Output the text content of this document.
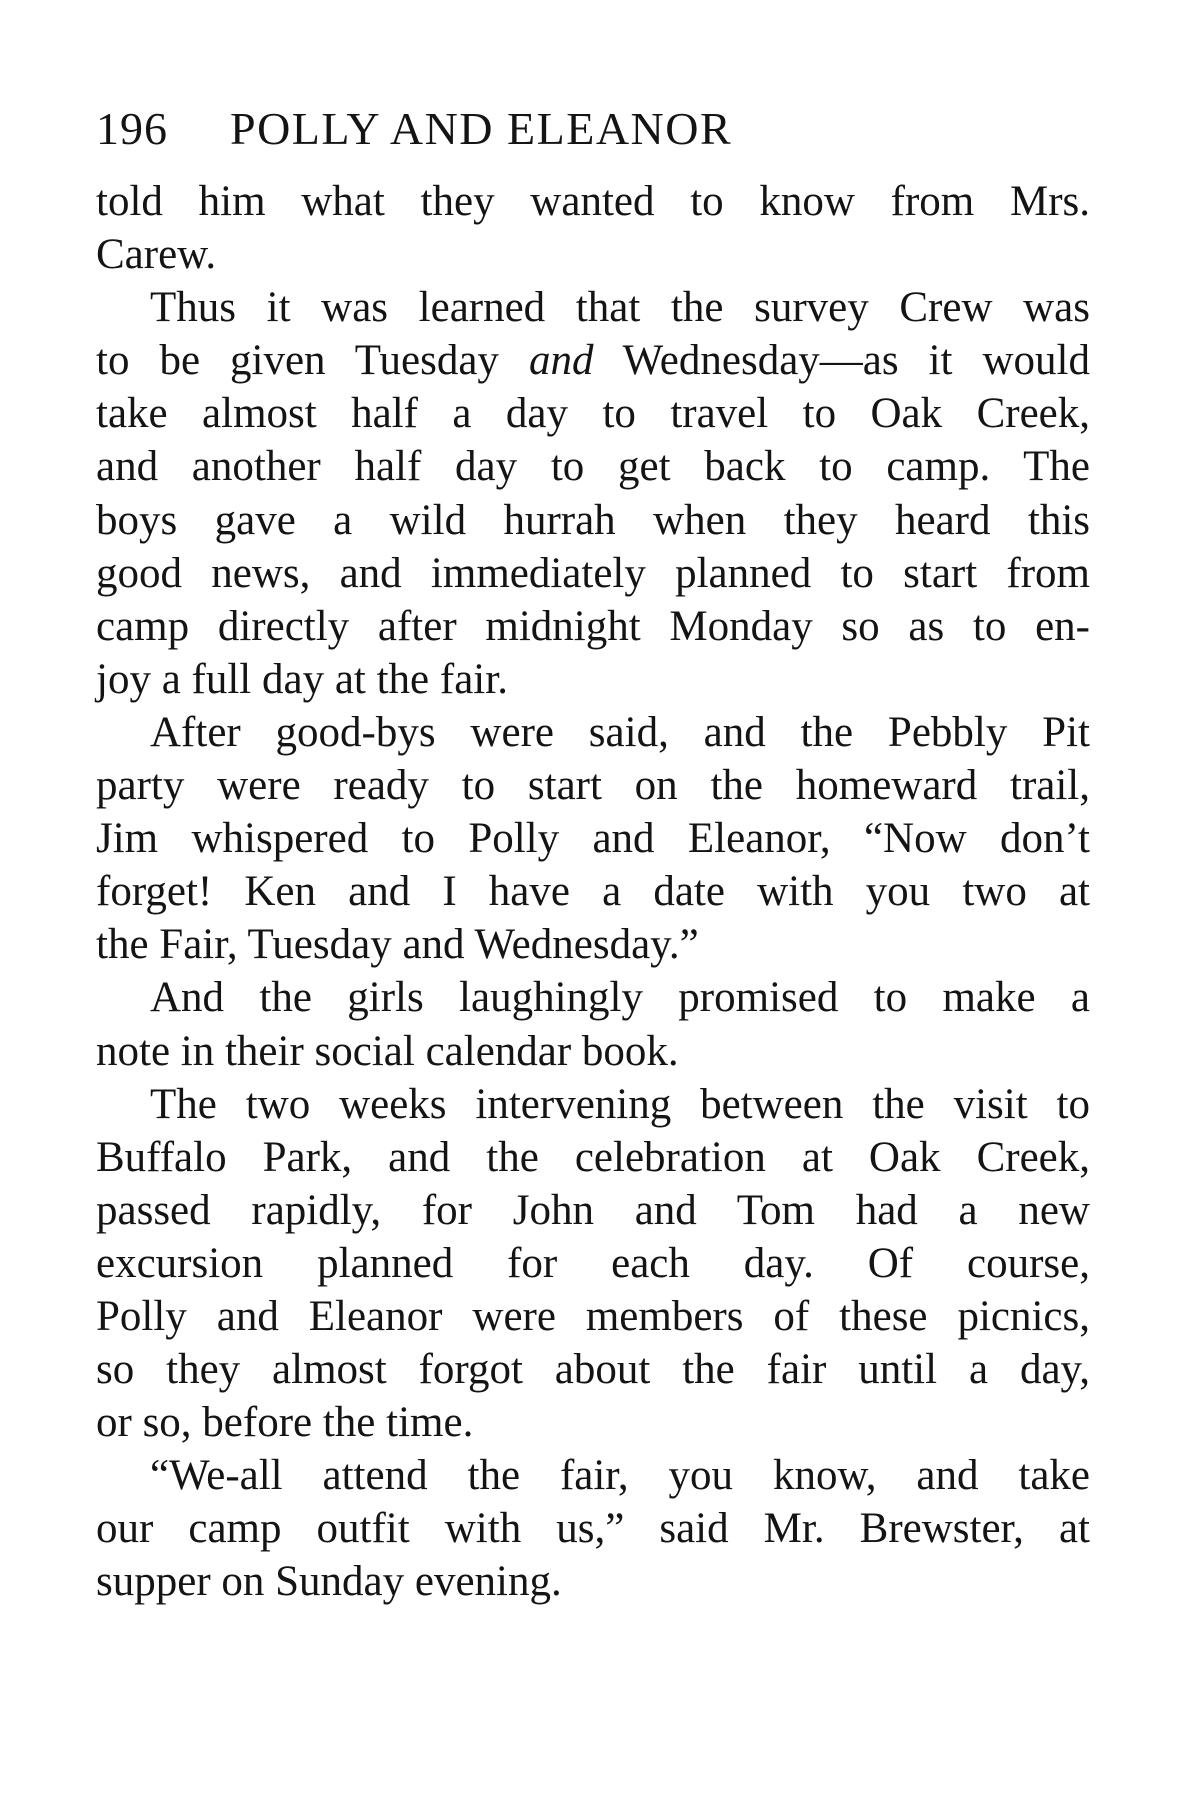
196 POLLY AND ELEANOR
told him what they wanted to know from Mrs.
Carew.
Thus it was learned that the survey Crew was
to be given Tuesday and Wednesday—as it would
take almost half a day to travel to Oak Creek,
and another half day to get back to camp. The
boys gave a wild hurrah when they heard this
good news, and immediately planned to start from
camp directly after midnight Monday so as to en-
joy a full day at the fair.
After good-bys were said, and the Pebbly Pit
party were ready to start on the homeward trail,
Jim whispered to Polly and Eleanor, “Now don’t
forget! Ken and I have a date with you two at
the Fair, Tuesday and Wednesday.”
And the girls laughingly promised to make a
note in their social calendar book.
The two weeks intervening between the visit to
Buffalo Park, and the celebration at Oak Creek,
passed rapidly, for John and Tom had a new
excursion planned for each day. Of course,
Polly and Eleanor were members of these picnics,
so they almost forgot about the fair until a day,
or so, before the time.
“We-all attend the fair, you know, and take
our camp outfit with us,” said Mr. Brewster, at
supper on Sunday evening.
